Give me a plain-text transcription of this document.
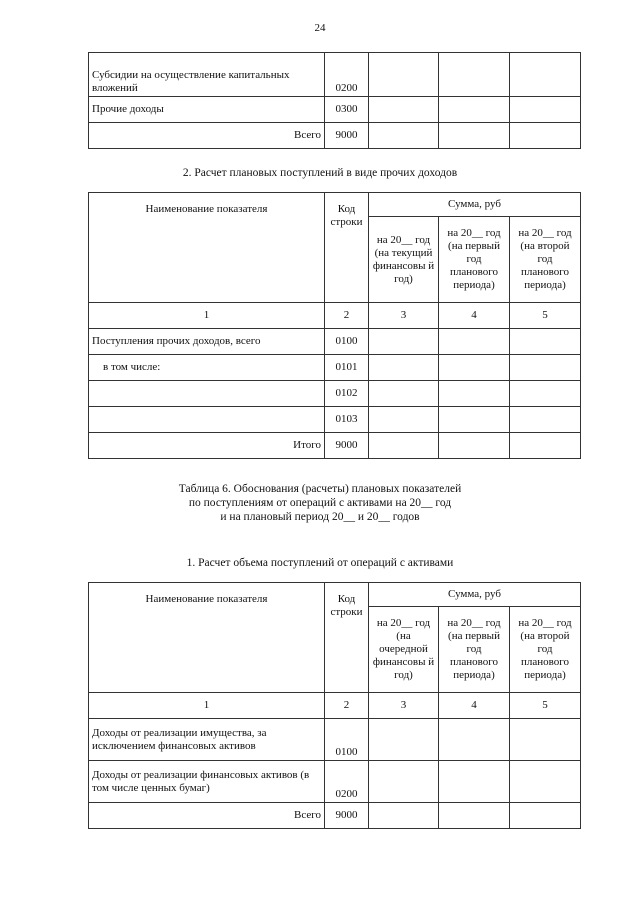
24
Субсидии на осуществление капитальных вложений	0200			
Прочие доходы	0300			
Всего	9000			
2. Расчет плановых поступлений в виде прочих доходов
Наименование показателя	Код строки	Сумма, руб		
		на 20__ год (на текущий финансовы й год)	на 20__ год (на первый год планового периода)	на 20__ год (на второй год планового периода)
1	2	3	4	5
Поступления прочих доходов, всего	0100			
в том числе:	0101			
	0102			
	0103			
Итого	9000			
Таблица 6. Обоснования (расчеты) плановых показателей
по поступлениям от операций с активами на 20__ год
и на плановый период 20__ и 20__ годов
1. Расчет объема поступлений от операций с активами
Наименование показателя	Код строки	Сумма, руб		
		на 20__ год (на очередной финансовы й год)	на 20__ год (на первый год планового периода)	на 20__ год (на второй год планового периода)
1	2	3	4	5
Доходы от реализации имущества, за исключением финансовых активов	0100			
Доходы от реализации финансовых активов (в том числе ценных бумаг)	0200			
Всего	9000			
